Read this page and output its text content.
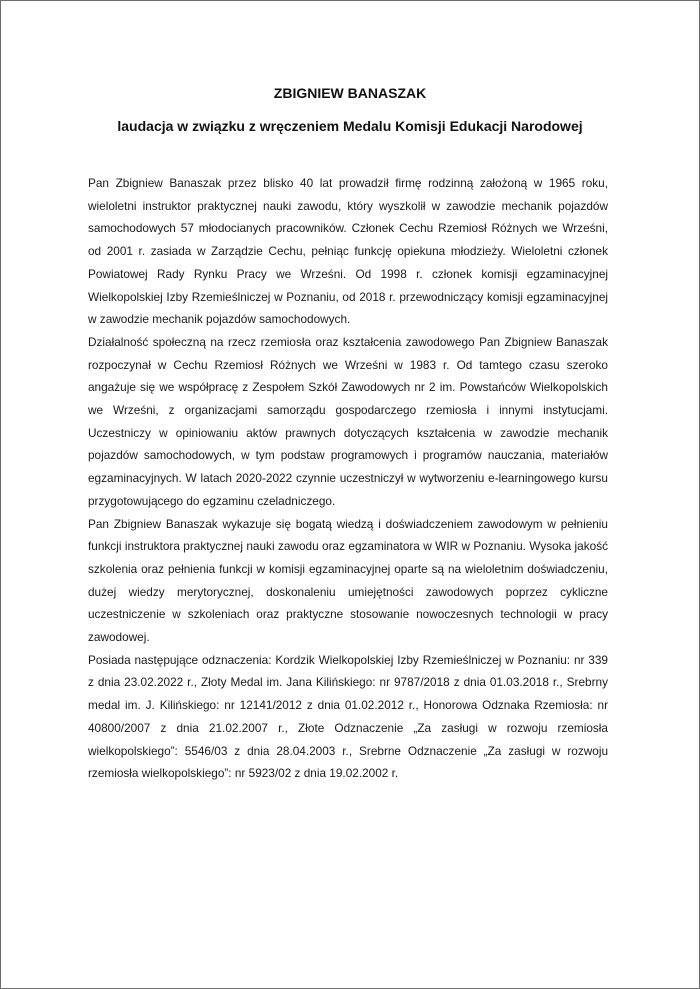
ZBIGNIEW BANASZAK
laudacja w związku z wręczeniem Medalu Komisji Edukacji Narodowej

Pan Zbigniew Banaszak przez blisko 40 lat prowadził firmę rodzinną założoną w 1965 roku, wieloletni instruktor praktycznej nauki zawodu, który wyszkolił w zawodzie mechanik pojazdów samochodowych 57 młodocianych pracowników. Członek Cechu Rzemiosł Różnych we Wrześni, od 2001 r. zasiada w Zarządzie Cechu, pełniąc funkcję opiekuna młodzieży. Wieloletni członek Powiatowej Rady Rynku Pracy we Wrześni. Od 1998 r. członek komisji egzaminacyjnej Wielkopolskiej Izby Rzemieślniczej w Poznaniu, od 2018 r. przewodniczący komisji egzaminacyjnej w zawodzie mechanik pojazdów samochodowych.

Działalność społeczną na rzecz rzemiosła oraz kształcenia zawodowego Pan Zbigniew Banaszak rozpoczynał w Cechu Rzemiosł Różnych we Wrześni w 1983 r. Od tamtego czasu szeroko angażuje się we współpracę z Zespołem Szkół Zawodowych nr 2 im. Powstańców Wielkopolskich we Wrześni, z organizacjami samorządu gospodarczego rzemiosła i innymi instytucjami. Uczestniczy w opiniowaniu aktów prawnych dotyczących kształcenia w zawodzie mechanik pojazdów samochodowych, w tym podstaw programowych i programów nauczania, materiałów egzaminacyjnych. W latach 2020-2022 czynnie uczestniczył w wytworzeniu e-learningowego kursu przygotowującego do egzaminu czeladniczego.

Pan Zbigniew Banaszak wykazuje się bogatą wiedzą i doświadczeniem zawodowym w pełnieniu funkcji instruktora praktycznej nauki zawodu oraz egzaminatora w WIR w Poznaniu. Wysoka jakość szkolenia oraz pełnienia funkcji w komisji egzaminacyjnej oparte są na wieloletnim doświadczeniu, dużej wiedzy merytorycznej, doskonaleniu umiejętności zawodowych poprzez cykliczne uczestniczenie w szkoleniach oraz praktyczne stosowanie nowoczesnych technologii w pracy zawodowej.

Posiada następujące odznaczenia: Kordzik Wielkopolskiej Izby Rzemieślniczej w Poznaniu: nr 339 z dnia 23.02.2022 r., Złoty Medal im. Jana Kilińskiego: nr 9787/2018 z dnia 01.03.2018 r., Srebrny medal im. J. Kilińskiego: nr 12141/2012 z dnia 01.02.2012 r., Honorowa Odznaka Rzemiosła: nr 40800/2007 z dnia 21.02.2007 r., Złote Odznaczenie „Za zasługi w rozwoju rzemiosła wielkopolskiego”: 5546/03 z dnia 28.04.2003 r., Srebrne Odznaczenie „Za zasługi w rozwoju rzemiosła wielkopolskiego”: nr 5923/02 z dnia 19.02.2002 r.
